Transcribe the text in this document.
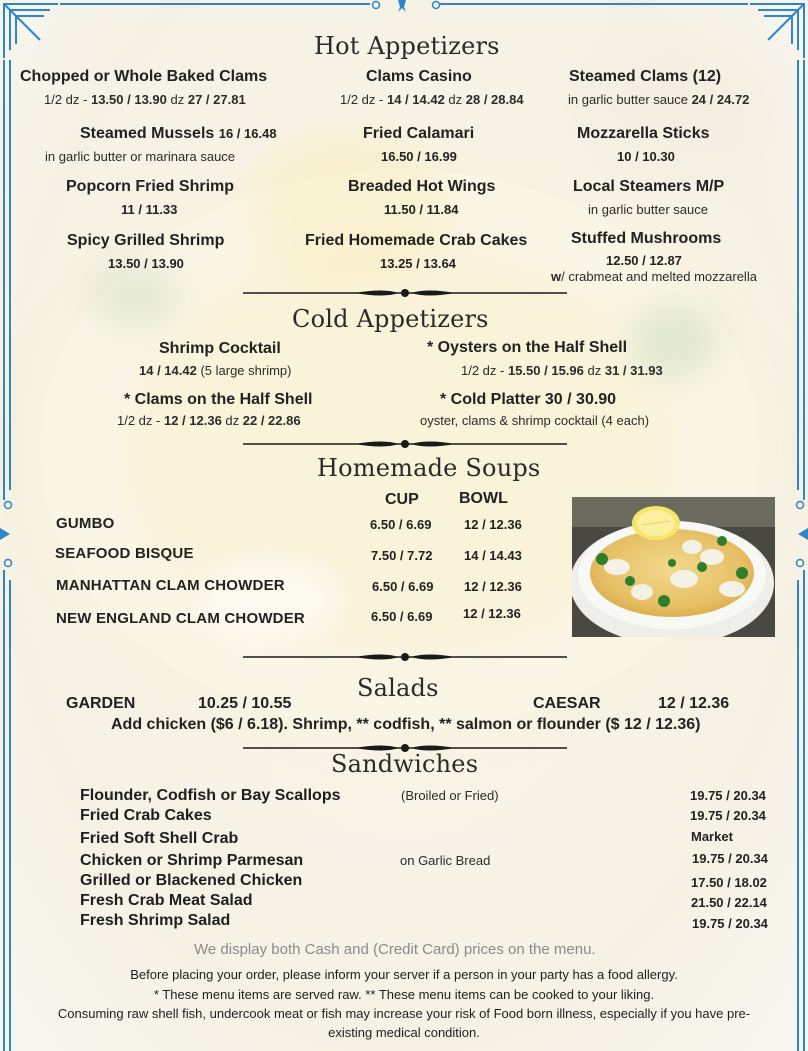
Hot Appetizers
Chopped or Whole Baked Clams
1/2 dz - 13.50 / 13.90 dz 27 / 27.81
Clams Casino
1/2 dz - 14 / 14.42 dz 28 / 28.84
Steamed Clams (12)
in garlic butter sauce 24 / 24.72
Steamed Mussels 16 / 16.48
in garlic butter or marinara sauce
Fried Calamari
16.50 / 16.99
Mozzarella Sticks
10 / 10.30
Popcorn Fried Shrimp
11 / 11.33
Breaded Hot Wings
11.50 / 11.84
Local Steamers M/P
in garlic butter sauce
Spicy Grilled Shrimp
13.50 / 13.90
Fried Homemade Crab Cakes
13.25 / 13.64
Stuffed Mushrooms
12.50 / 12.87
w/ crabmeat and melted mozzarella
Cold Appetizers
Shrimp Cocktail
14 / 14.42 (5 large shrimp)
* Oysters on the Half Shell
1/2 dz - 15.50 / 15.96 dz 31 / 31.93
* Clams on the Half Shell
1/2 dz - 12 / 12.36 dz 22 / 22.86
* Cold Platter 30 / 30.90
oyster, clams & shrimp cocktail (4 each)
Homemade Soups
CUP	BOWL
GUMBO	6.50 / 6.69	12 / 12.36
SEAFOOD BISQUE	7.50 / 7.72 14 / 14.43
MANHATTAN CLAM CHOWDER	6.50 / 6.69 12 / 12.36
NEW ENGLAND CLAM CHOWDER	6.50 / 6.69 12 / 12.36
Salads
GARDEN	10.25 / 10.55	CAESAR	12 / 12.36
Add chicken ($6 / 6.18). Shrimp, ** codfish, ** salmon or flounder ($ 12 / 12.36)
Sandwiches
Flounder, Codfish or Bay Scallops	(Broiled or Fried)	19.75 / 20.34
Fried Crab Cakes	19.75 / 20.34
Fried Soft Shell Crab	Market
Chicken or Shrimp Parmesan	on Garlic Bread	19.75 / 20.34
Grilled or Blackened Chicken	17.50 / 18.02
Fresh Crab Meat Salad	21.50 / 22.14
Fresh Shrimp Salad	19.75 / 20.34
We display both Cash and (Credit Card) prices on the menu.
Before placing your order, please inform your server if a person in your party has a food allergy.
* These menu items are served raw. ** These menu items can be cooked to your liking.
Consuming raw shell fish, undercook meat or fish may increase your risk of Food born illness, especially if you have pre-
existing medical condition.
